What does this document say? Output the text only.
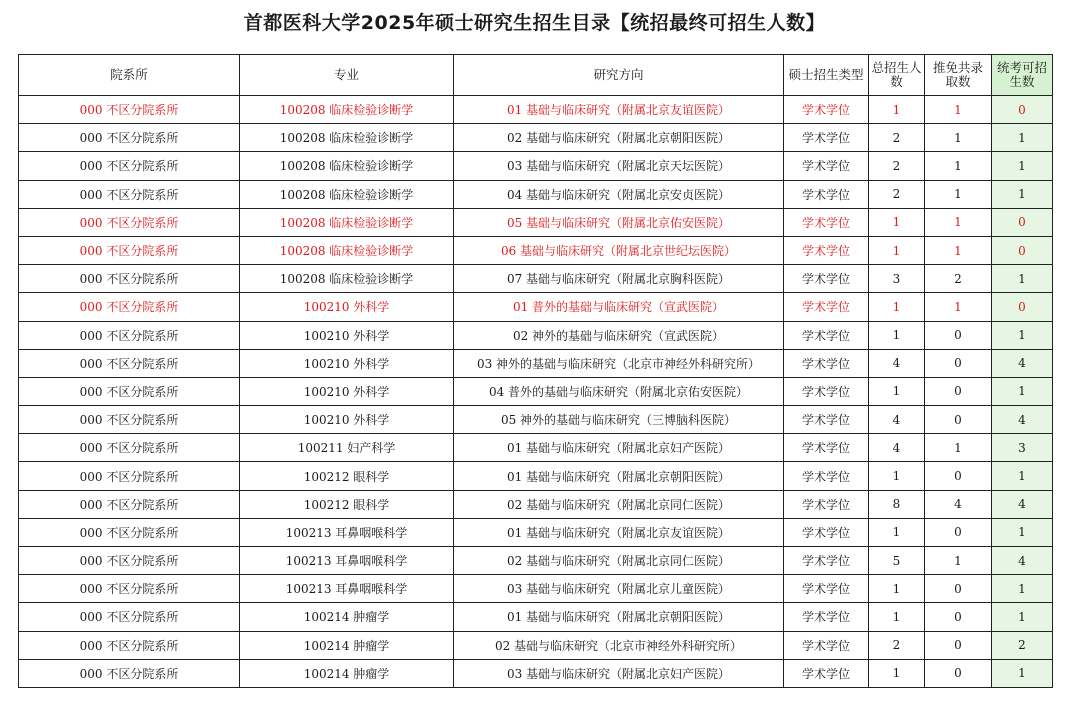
首都医科大学2025年硕士研究生招生目录【统招最终可招生人数】
院系所	专业	研究方向	硕士招生类型	总招生人数	推免共录取数	统考可招生数
000 不区分院系所	100208 临床检验诊断学	01 基础与临床研究（附属北京友谊医院）	学术学位	1	1	0
000 不区分院系所	100208 临床检验诊断学	02 基础与临床研究（附属北京朝阳医院）	学术学位	2	1	1
000 不区分院系所	100208 临床检验诊断学	03 基础与临床研究（附属北京天坛医院）	学术学位	2	1	1
000 不区分院系所	100208 临床检验诊断学	04 基础与临床研究（附属北京安贞医院）	学术学位	2	1	1
000 不区分院系所	100208 临床检验诊断学	05 基础与临床研究（附属北京佑安医院）	学术学位	1	1	0
000 不区分院系所	100208 临床检验诊断学	06 基础与临床研究（附属北京世纪坛医院）	学术学位	1	1	0
000 不区分院系所	100208 临床检验诊断学	07 基础与临床研究（附属北京胸科医院）	学术学位	3	2	1
000 不区分院系所	100210 外科学	01 普外的基础与临床研究（宣武医院）	学术学位	1	1	0
000 不区分院系所	100210 外科学	02 神外的基础与临床研究（宣武医院）	学术学位	1	0	1
000 不区分院系所	100210 外科学	03 神外的基础与临床研究（北京市神经外科研究所）	学术学位	4	0	4
000 不区分院系所	100210 外科学	04 普外的基础与临床研究（附属北京佑安医院）	学术学位	1	0	1
000 不区分院系所	100210 外科学	05 神外的基础与临床研究（三博脑科医院）	学术学位	4	0	4
000 不区分院系所	100211 妇产科学	01 基础与临床研究（附属北京妇产医院）	学术学位	4	1	3
000 不区分院系所	100212 眼科学	01 基础与临床研究（附属北京朝阳医院）	学术学位	1	0	1
000 不区分院系所	100212 眼科学	02 基础与临床研究（附属北京同仁医院）	学术学位	8	4	4
000 不区分院系所	100213 耳鼻咽喉科学	01 基础与临床研究（附属北京友谊医院）	学术学位	1	0	1
000 不区分院系所	100213 耳鼻咽喉科学	02 基础与临床研究（附属北京同仁医院）	学术学位	5	1	4
000 不区分院系所	100213 耳鼻咽喉科学	03 基础与临床研究（附属北京儿童医院）	学术学位	1	0	1
000 不区分院系所	100214 肿瘤学	01 基础与临床研究（附属北京朝阳医院）	学术学位	1	0	1
000 不区分院系所	100214 肿瘤学	02 基础与临床研究（北京市神经外科研究所）	学术学位	2	0	2
000 不区分院系所	100214 肿瘤学	03 基础与临床研究（附属北京妇产医院）	学术学位	1	0	1
